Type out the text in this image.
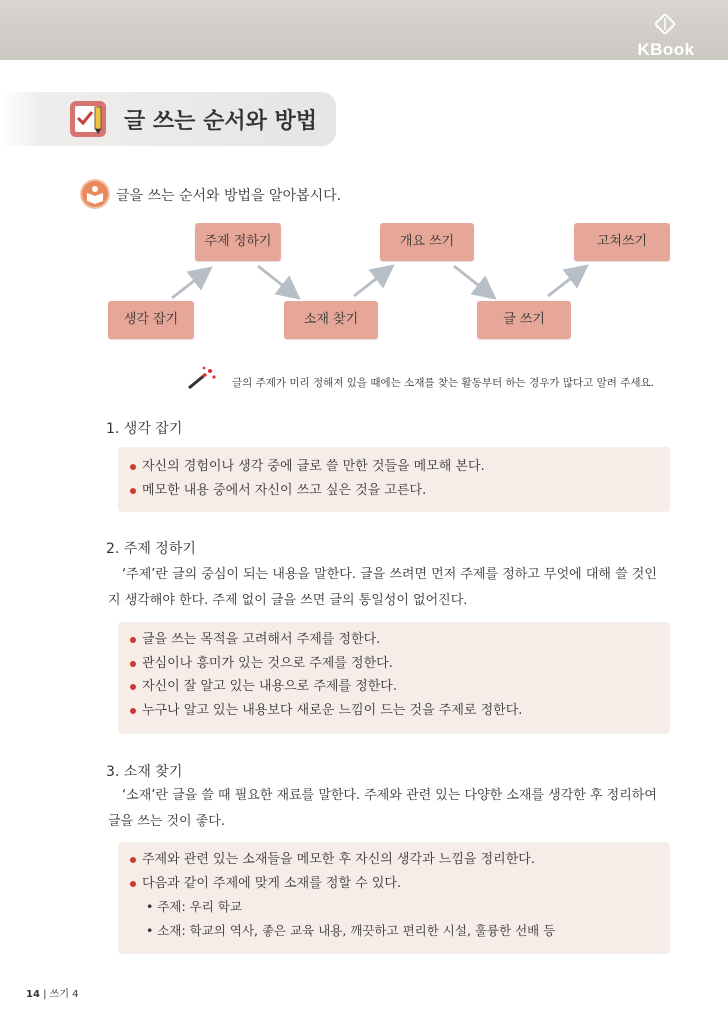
KBook
글 쓰는 순서와 방법
글을 쓰는 순서와 방법을 알아봅시다.
생각 잡기
주제 정하기
소재 찾기
개요 쓰기
글 쓰기
고쳐쓰기
글의 주제가 미리 정해져 있을 때에는 소재를 찾는 활동부터 하는 경우가 많다고 알려 주세요.
1. 생각 잡기
자신의 경험이나 생각 중에 글로 쓸 만한 것들을 메모해 본다.
메모한 내용 중에서 자신이 쓰고 싶은 것을 고른다.
2. 주제 정하기
‘주제’란 글의 중심이 되는 내용을 말한다. 글을 쓰려면 먼저 주제를 정하고 무엇에 대해 쓸 것인
지 생각해야 한다. 주제 없이 글을 쓰면 글의 통일성이 없어진다.
글을 쓰는 목적을 고려해서 주제를 정한다.
관심이나 흥미가 있는 것으로 주제를 정한다.
자신이 잘 알고 있는 내용으로 주제를 정한다.
누구나 알고 있는 내용보다 새로운 느낌이 드는 것을 주제로 정한다.
3. 소재 찾기
‘소재’란 글을 쓸 때 필요한 재료를 말한다. 주제와 관련 있는 다양한 소재를 생각한 후 정리하여
글을 쓰는 것이 좋다.
주제와 관련 있는 소재들을 메모한 후 자신의 생각과 느낌을 정리한다.
다음과 같이 주제에 맞게 소재를 정할 수 있다.
• 주제: 우리 학교
• 소재: 학교의 역사, 좋은 교육 내용, 깨끗하고 편리한 시설, 훌륭한 선배 등
14 | 쓰기 4
